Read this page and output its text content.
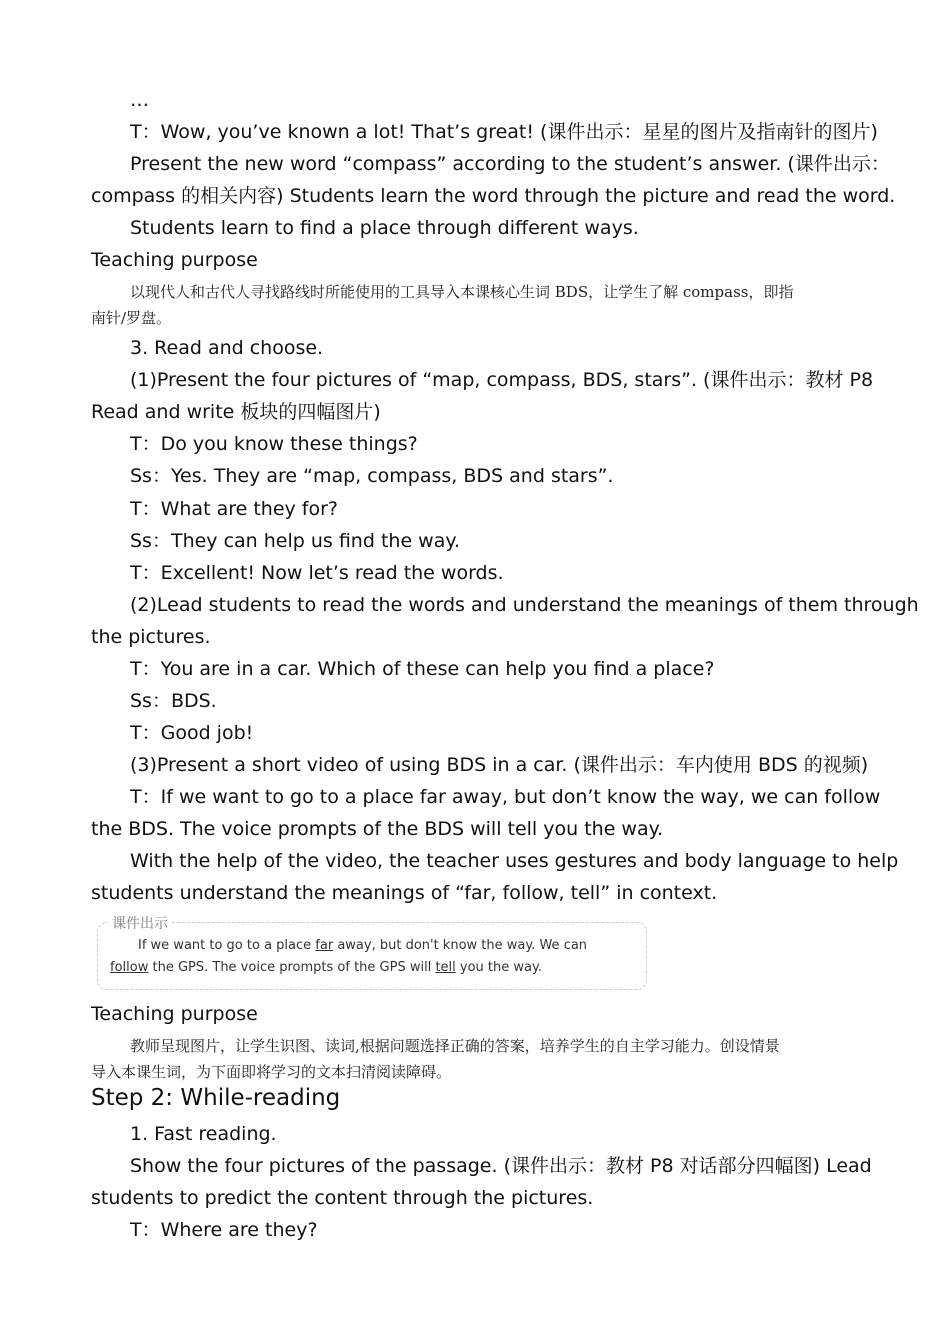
…
T：Wow, you’ve known a lot! That’s great! (课件出示：星星的图片及指南针的图片)
Present the new word “compass” according to the student’s answer. (课件出示：
compass 的相关内容) Students learn the word through the picture and read the word.
Students learn to find a place through different ways.
Teaching purpose
以现代人和古代人寻找路线时所能使用的工具导入本课核心生词 BDS，让学生了解 compass，即指
南针/罗盘。
3. Read and choose.
(1)Present the four pictures of “map, compass, BDS, stars”. (课件出示：教材 P8
Read and write 板块的四幅图片)
T：Do you know these things?
Ss：Yes. They are “map, compass, BDS and stars”.
T：What are they for?
Ss：They can help us find the way.
T：Excellent! Now let’s read the words.
(2)Lead students to read the words and understand the meanings of them through
the pictures.
T：You are in a car. Which of these can help you find a place?
Ss：BDS.
T：Good job!
(3)Present a short video of using BDS in a car. (课件出示：车内使用 BDS 的视频)
T：If we want to go to a place far away, but don’t know the way, we can follow
the BDS. The voice prompts of the BDS will tell you the way.
With the help of the video, the teacher uses gestures and body language to help
students understand the meanings of “far, follow, tell” in context.
课件出示
If we want to go to a place far away, but don't know the way. We can
follow the GPS. The voice prompts of the GPS will tell you the way.
Teaching purpose
教师呈现图片，让学生识图、读词,根据问题选择正确的答案，培养学生的自主学习能力。创设情景
导入本课生词，为下面即将学习的文本扫清阅读障碍。
Step 2: While-reading
1. Fast reading.
Show the four pictures of the passage. (课件出示：教材 P8 对话部分四幅图) Lead
students to predict the content through the pictures.
T：Where are they?
